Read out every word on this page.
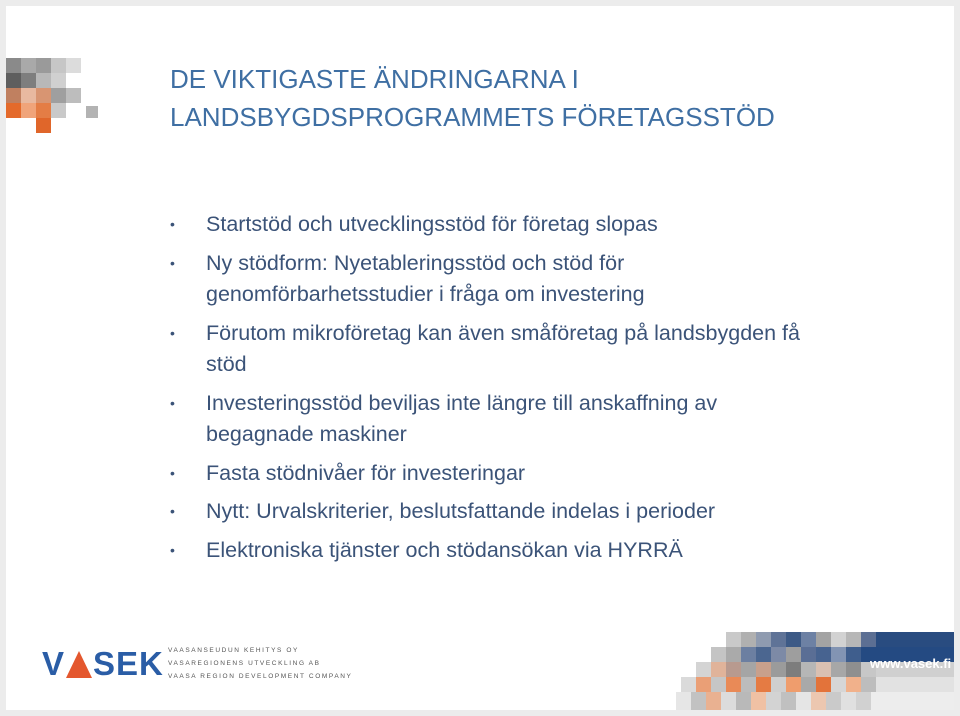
DE VIKTIGASTE ÄNDRINGARNA I
LANDSBYGDSPROGRAMMETS FÖRETAGSSTÖD
• Startstöd och utvecklingsstöd för företag slopas
• Ny stödform: Nyetableringsstöd och stöd för
genomförbarhetsstudier i fråga om investering
• Förutom mikroföretag kan även småföretag på landsbygden få
stöd
• Investeringsstöd beviljas inte längre till anskaffning av
begagnade maskiner
• Fasta stödnivåer för investeringar
• Nytt: Urvalskriterier, beslutsfattande indelas i perioder
• Elektroniska tjänster och stödansökan via HYRRÄ
V SEK VAASANSEUDUN KEHITYS OY
VASAREGIONENS UTVECKLING AB
VAASA REGION DEVELOPMENT COMPANY
www.vasek.fi
